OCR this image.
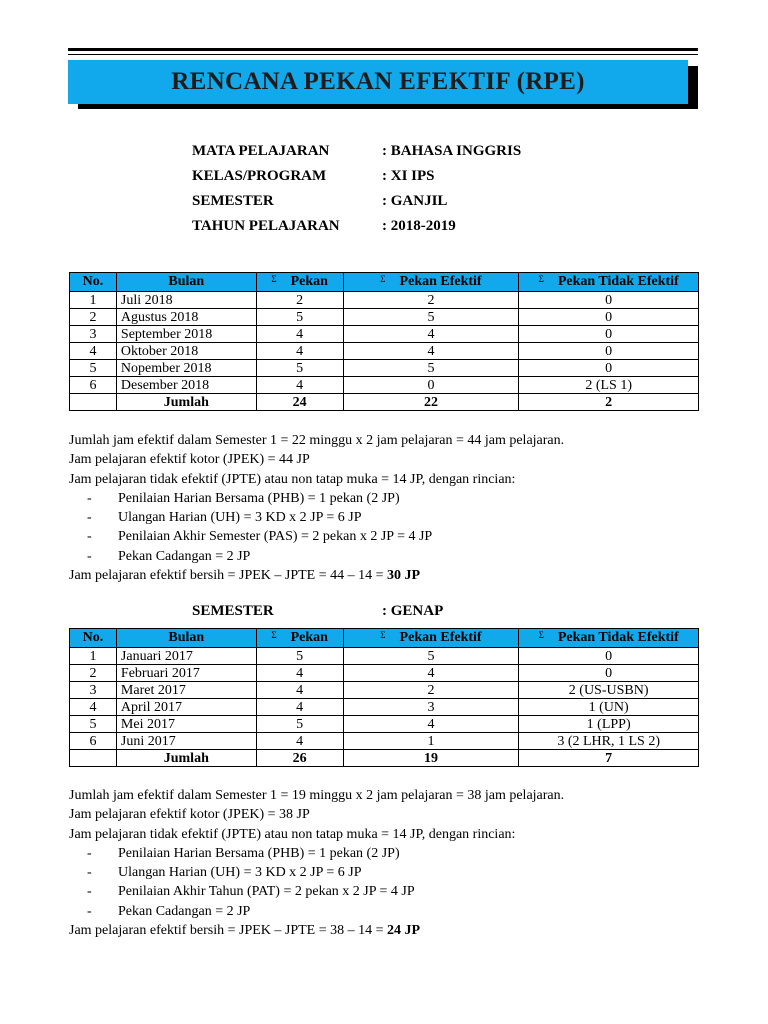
RENCANA PEKAN EFEKTIF (RPE)
MATA PELAJARAN	: BAHASA INGGRIS
KELAS/PROGRAM	: XI IPS
SEMESTER	: GANJIL
TAHUN PELAJARAN	: 2018-2019
No.	Bulan	$^\Sigma$ Pekan	$^\Sigma$ Pekan Efektif	$^\Sigma$ Pekan Tidak Efektif
1	Juli 2018	2	2	0
2	Agustus 2018	5	5	0
3	September 2018	4	4	0
4	Oktober 2018	4	4	0
5	Nopember 2018	5	5	0
6	Desember 2018	4	0	2 (LS 1)
	Jumlah	24	22	2

Jumlah jam efektif dalam Semester 1 = 22 minggu x 2 jam pelajaran = 44 jam pelajaran.

Jam pelajaran efektif kotor (JPEK) = 44 JP

Jam pelajaran tidak efektif (JPTE) atau non tatap muka = 14 JP, dengan rincian:

-	Penilaian Harian Bersama (PHB) = 1 pekan (2 JP)
-	Ulangan Harian (UH) = 3 KD x 2 JP = 6 JP
-	Penilaian Akhir Semester (PAS) = 2 pekan x 2 JP = 4 JP
-	Pekan Cadangan = 2 JP

Jam pelajaran efektif bersih = JPEK – JPTE = 44 – 14 = 30 JP

SEMESTER	: GENAP
No.	Bulan	$^\Sigma$ Pekan	$^\Sigma$ Pekan Efektif	$^\Sigma$ Pekan Tidak Efektif
1	Januari 2017	5	5	0
2	Februari 2017	4	4	0
3	Maret 2017	4	2	2 (US-USBN)
4	April 2017	4	3	1 (UN)
5	Mei 2017	5	4	1 (LPP)
6	Juni 2017	4	1	3 (2 LHR, 1 LS 2)
	Jumlah	26	19	7

Jumlah jam efektif dalam Semester 1 = 19 minggu x 2 jam pelajaran = 38 jam pelajaran.

Jam pelajaran efektif kotor (JPEK) = 38 JP

Jam pelajaran tidak efektif (JPTE) atau non tatap muka = 14 JP, dengan rincian:

-	Penilaian Harian Bersama (PHB) = 1 pekan (2 JP)
-	Ulangan Harian (UH) = 3 KD x 2 JP = 6 JP
-	Penilaian Akhir Tahun (PAT) = 2 pekan x 2 JP = 4 JP
-	Pekan Cadangan = 2 JP

Jam pelajaran efektif bersih = JPEK – JPTE = 38 – 14 = 24 JP
